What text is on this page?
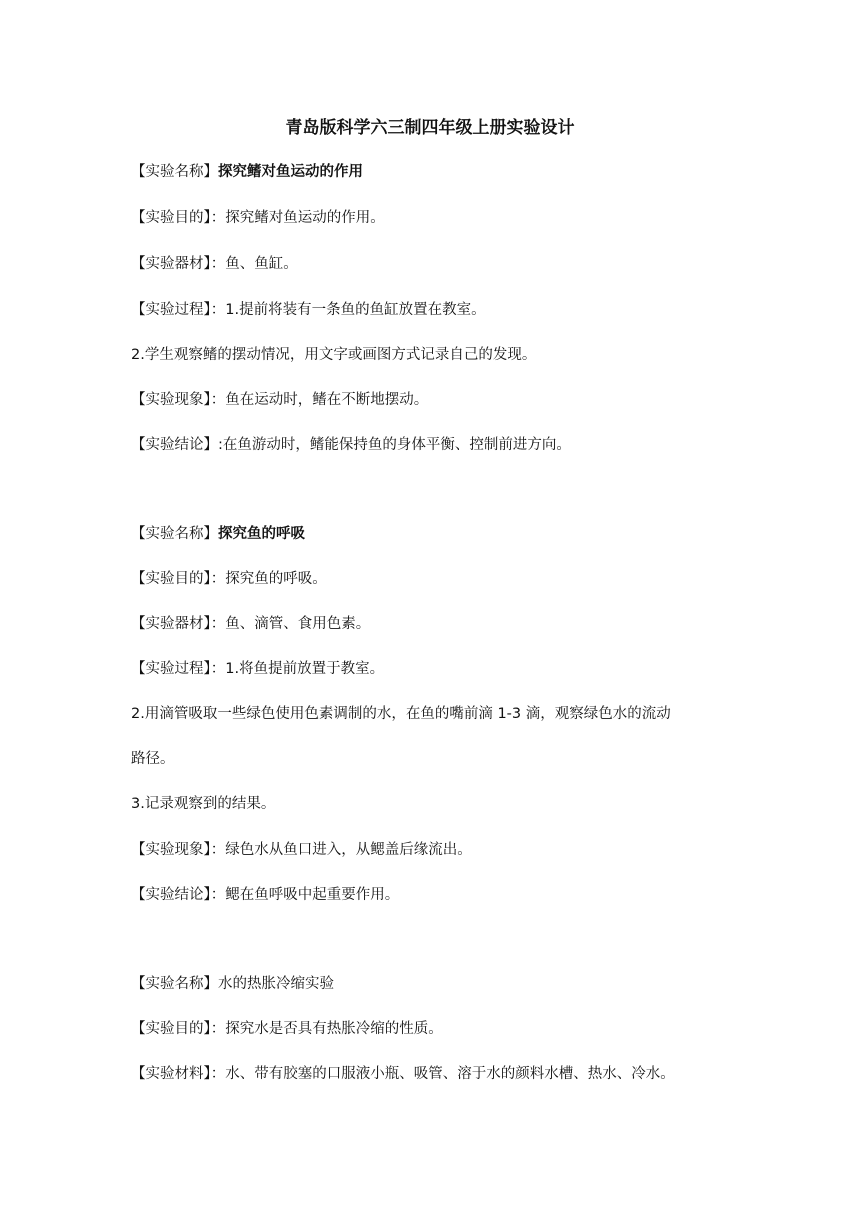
青岛版科学六三制四年级上册实验设计
【实验名称】探究鳍对鱼运动的作用
【实验目的】：探究鳍对鱼运动的作用。
【实验器材】：鱼、鱼缸。
【实验过程】：1.提前将装有一条鱼的鱼缸放置在教室。
2.学生观察鳍的摆动情况，用文字或画图方式记录自己的发现。
【实验现象】：鱼在运动时，鳍在不断地摆动。
【实验结论】:在鱼游动时，鳍能保持鱼的身体平衡、控制前进方向。
【实验名称】探究鱼的呼吸
【实验目的】：探究鱼的呼吸。
【实验器材】：鱼、滴管、食用色素。
【实验过程】：1.将鱼提前放置于教室。
2.用滴管吸取一些绿色使用色素调制的水，在鱼的嘴前滴 1-3 滴，观察绿色水的流动
路径。
3.记录观察到的结果。
【实验现象】：绿色水从鱼口进入，从鳃盖后缘流出。
【实验结论】：鳃在鱼呼吸中起重要作用。
【实验名称】水的热胀冷缩实验
【实验目的】：探究水是否具有热胀冷缩的性质。
【实验材料】：水、带有胶塞的口服液小瓶、吸管、溶于水的颜料水槽、热水、冷水。
